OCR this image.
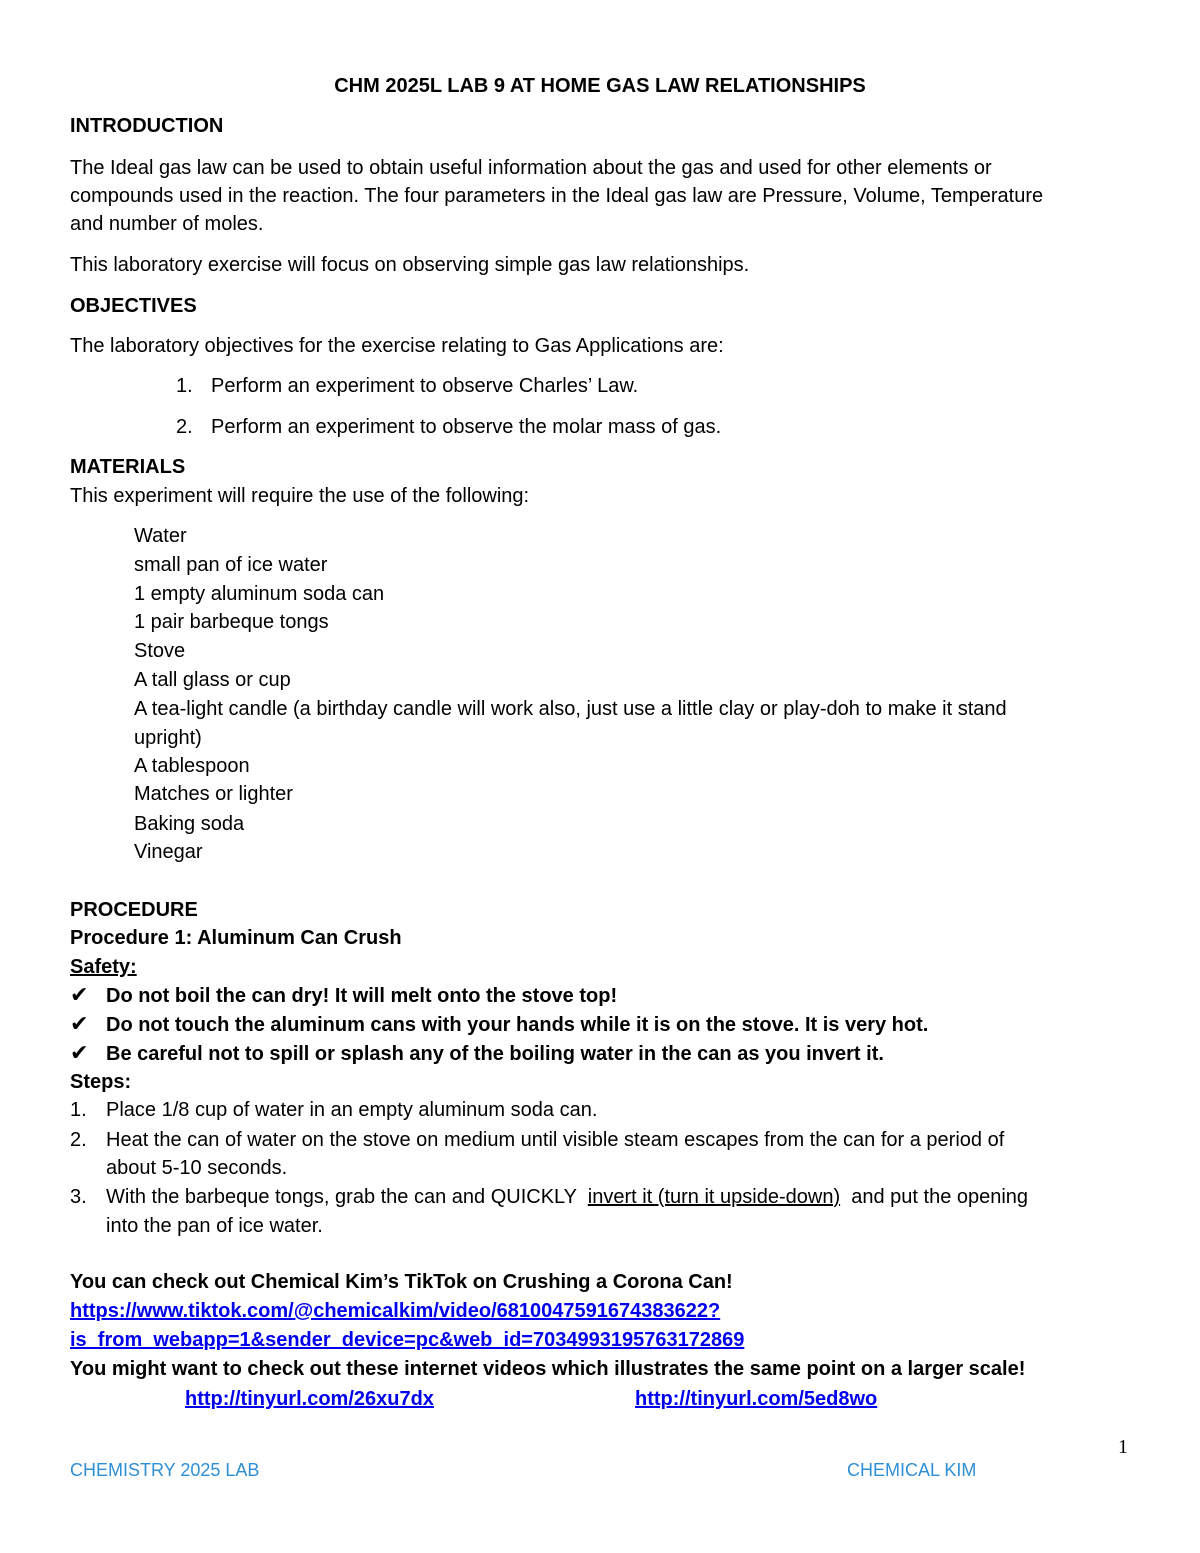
CHM 2025L LAB 9 AT HOME GAS LAW RELATIONSHIPS
INTRODUCTION
The Ideal gas law can be used to obtain useful information about the gas and used for other elements or
compounds used in the reaction. The four parameters in the Ideal gas law are Pressure, Volume, Temperature
and number of moles.
This laboratory exercise will focus on observing simple gas law relationships.
OBJECTIVES
The laboratory objectives for the exercise relating to Gas Applications are:
1. Perform an experiment to observe Charles’ Law.
2. Perform an experiment to observe the molar mass of gas.
MATERIALS
This experiment will require the use of the following:
Water
small pan of ice water
1 empty aluminum soda can
1 pair barbeque tongs
Stove
A tall glass or cup
A tea-light candle (a birthday candle will work also, just use a little clay or play-doh to make it stand
upright)
A tablespoon
Matches or lighter
Baking soda
Vinegar
PROCEDURE
Procedure 1: Aluminum Can Crush
Safety:
✔ Do not boil the can dry! It will melt onto the stove top!
✔ Do not touch the aluminum cans with your hands while it is on the stove. It is very hot.
✔ Be careful not to spill or splash any of the boiling water in the can as you invert it.
Steps:
1. Place 1/8 cup of water in an empty aluminum soda can.
2. Heat the can of water on the stove on medium until visible steam escapes from the can for a period of
about 5-10 seconds.
3. With the barbeque tongs, grab the can and QUICKLY  invert it (turn it upside-down)  and put the opening
into the pan of ice water.
You can check out Chemical Kim’s TikTok on Crushing a Corona Can!
https://www.tiktok.com/@chemicalkim/video/6810047591674383622?
is_from_webapp=1&sender_device=pc&web_id=7034993195763172869
You might want to check out these internet videos which illustrates the same point on a larger scale!
http://tinyurl.com/26xu7dx	http://tinyurl.com/5ed8wo
1
CHEMISTRY 2025 LAB	CHEMICAL KIM
